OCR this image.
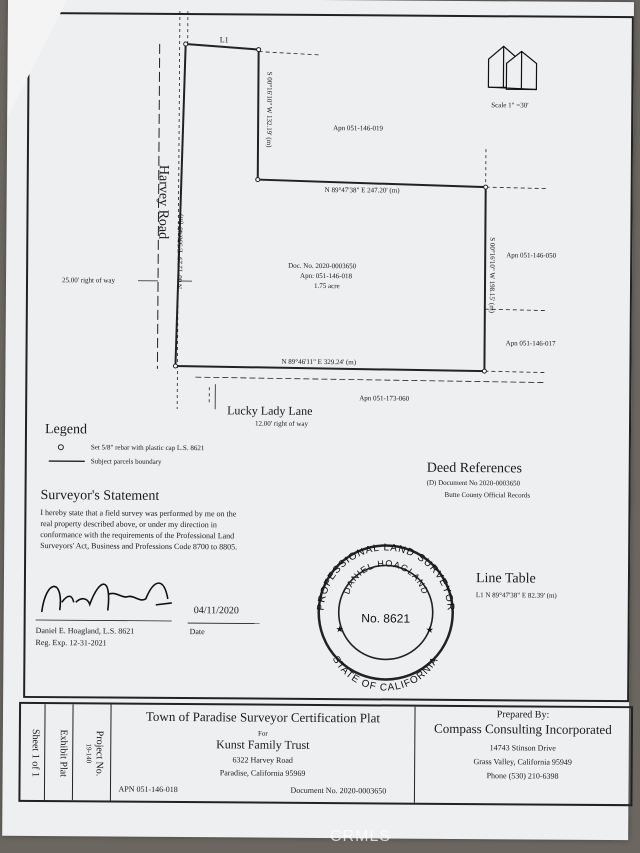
PROFESSIONAL LAND SURVEYOR
STATE OF CALIFORNIA
DANIEL HOAGLAND
No. 8621
★	★
L1
Scale 1" =30'
S 00°16'10" W 132.19' (m)	Apn 051-146-019
N 89°47'38" E 247.20' (m)
S 00°16'10" W 198.15' (m) Apn 051-146-050
Apn 051-146-017
Apn 051-173-060
N 89°46'11" E 329.24' (m)
N 00°12'29" E 330.48' (m)	Doc. No. 2020-0003650
Apn: 051-146-018
1.75 acre
Harvey Road
25.00' right of way
Lucky Lady Lane
12.00' right of way
Legend
Set 5/8" rebar with plastic cap L.S. 8621
Subject parcels boundary	Deed References
(D) Document No 2020-0003650
Butte County Official Records
Surveyor's Statement
I hereby state that a field survey was performed by me on the
real property described above, or under my direction in
conformance with the requirements of the Professional Land
Surveyors' Act, Business and Professions Code 8700 to 8805.
04/11/2020
Date
Daniel E. Hoagland, L.S. 8621
Reg. Exp. 12-31-2021
Line Table
L1 N 89°47'38" E 82.39' (m)
Sheet 1 of 1 Exhibit Plat Project No.
19-140
Town of Paradise Surveyor Certification Plat
For
Kunst Family Trust
6322 Harvey Road
Paradise, California 95969
APN 051-146-018	Document No. 2020-0003650
Prepared By:
Compass Consulting Incorporated
14743 Stinson Drive
Grass Valley, California 95949
Phone (530) 210-6398
CRMLS
